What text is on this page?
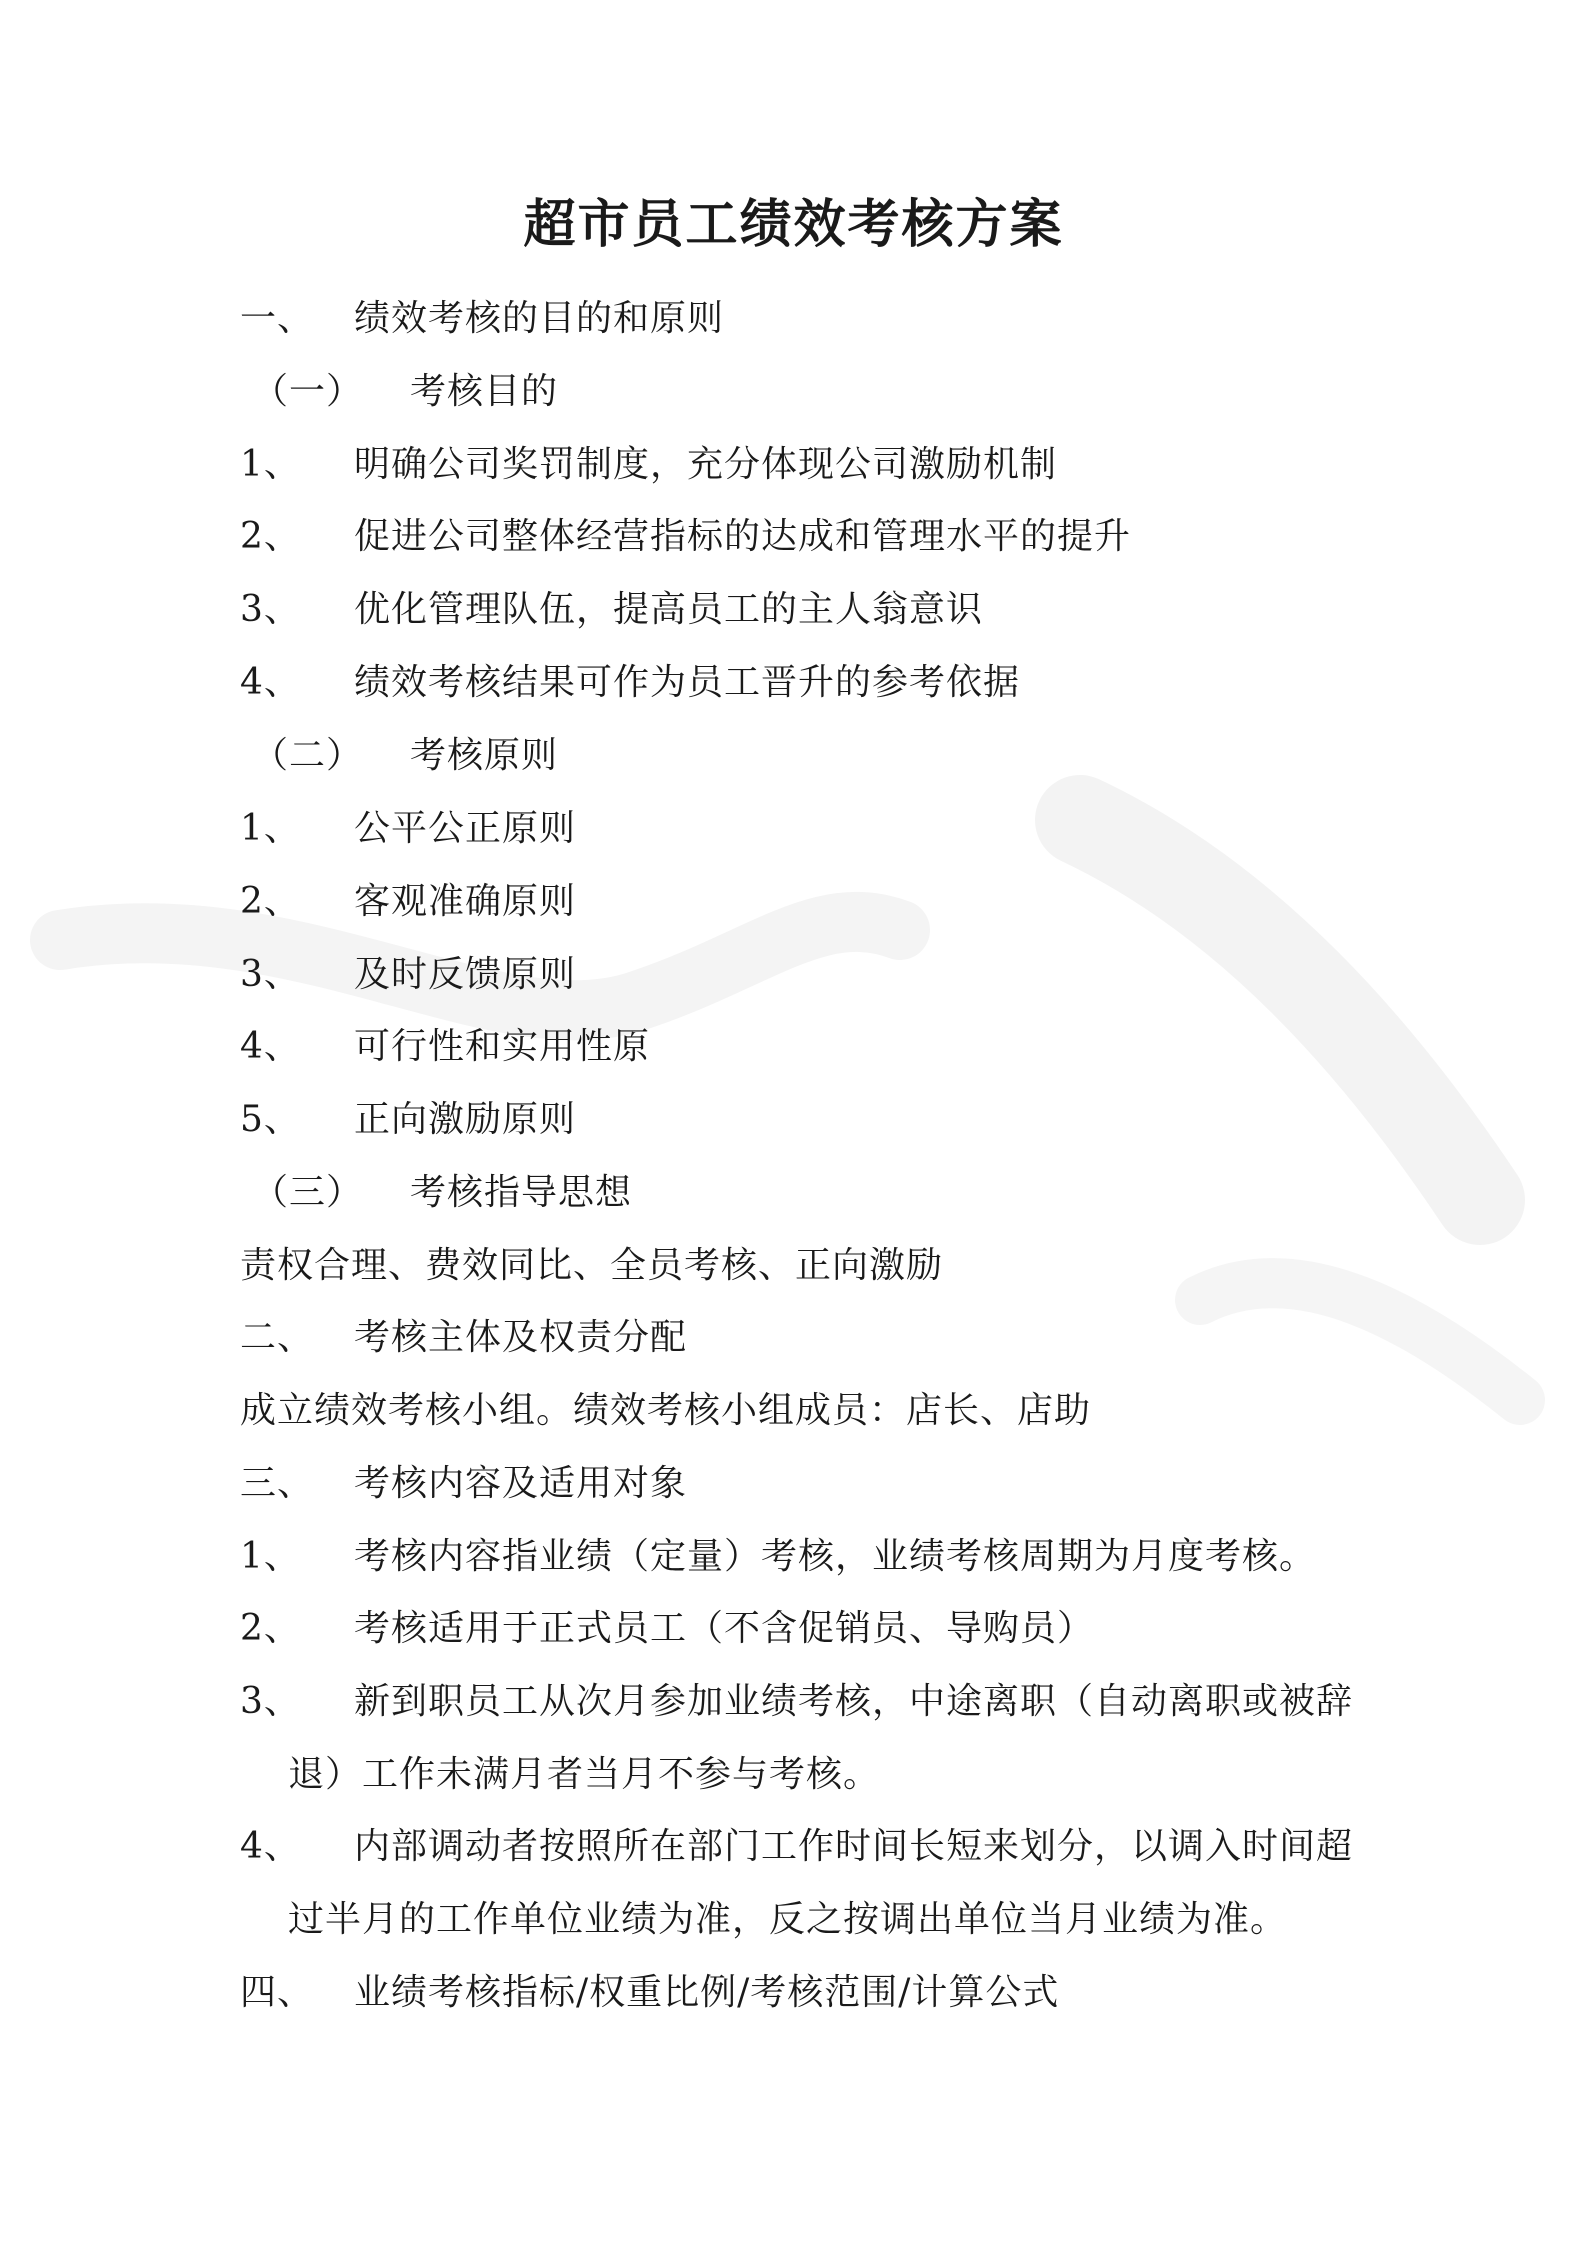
超市员工绩效考核方案
一、 绩效考核的目的和原则
（一） 考核目的
1、 明确公司奖罚制度，充分体现公司激励机制
2、 促进公司整体经营指标的达成和管理水平的提升
3、 优化管理队伍，提高员工的主人翁意识
4、 绩效考核结果可作为员工晋升的参考依据
（二） 考核原则
1、 公平公正原则
2、 客观准确原则
3、 及时反馈原则
4、 可行性和实用性原
5、 正向激励原则
（三） 考核指导思想
责权合理、费效同比、全员考核、正向激励
二、 考核主体及权责分配
成立绩效考核小组。绩效考核小组成员：店长、店助
三、 考核内容及适用对象
1、 考核内容指业绩（定量）考核，业绩考核周期为月度考核。
2、 考核适用于正式员工（不含促销员、导购员）
3、 新到职员工从次月参加业绩考核，中途离职（自动离职或被辞
退）工作未满月者当月不参与考核。
4、 内部调动者按照所在部门工作时间长短来划分，以调入时间超
过半月的工作单位业绩为准，反之按调出单位当月业绩为准。
四、 业绩考核指标/权重比例/考核范围/计算公式
